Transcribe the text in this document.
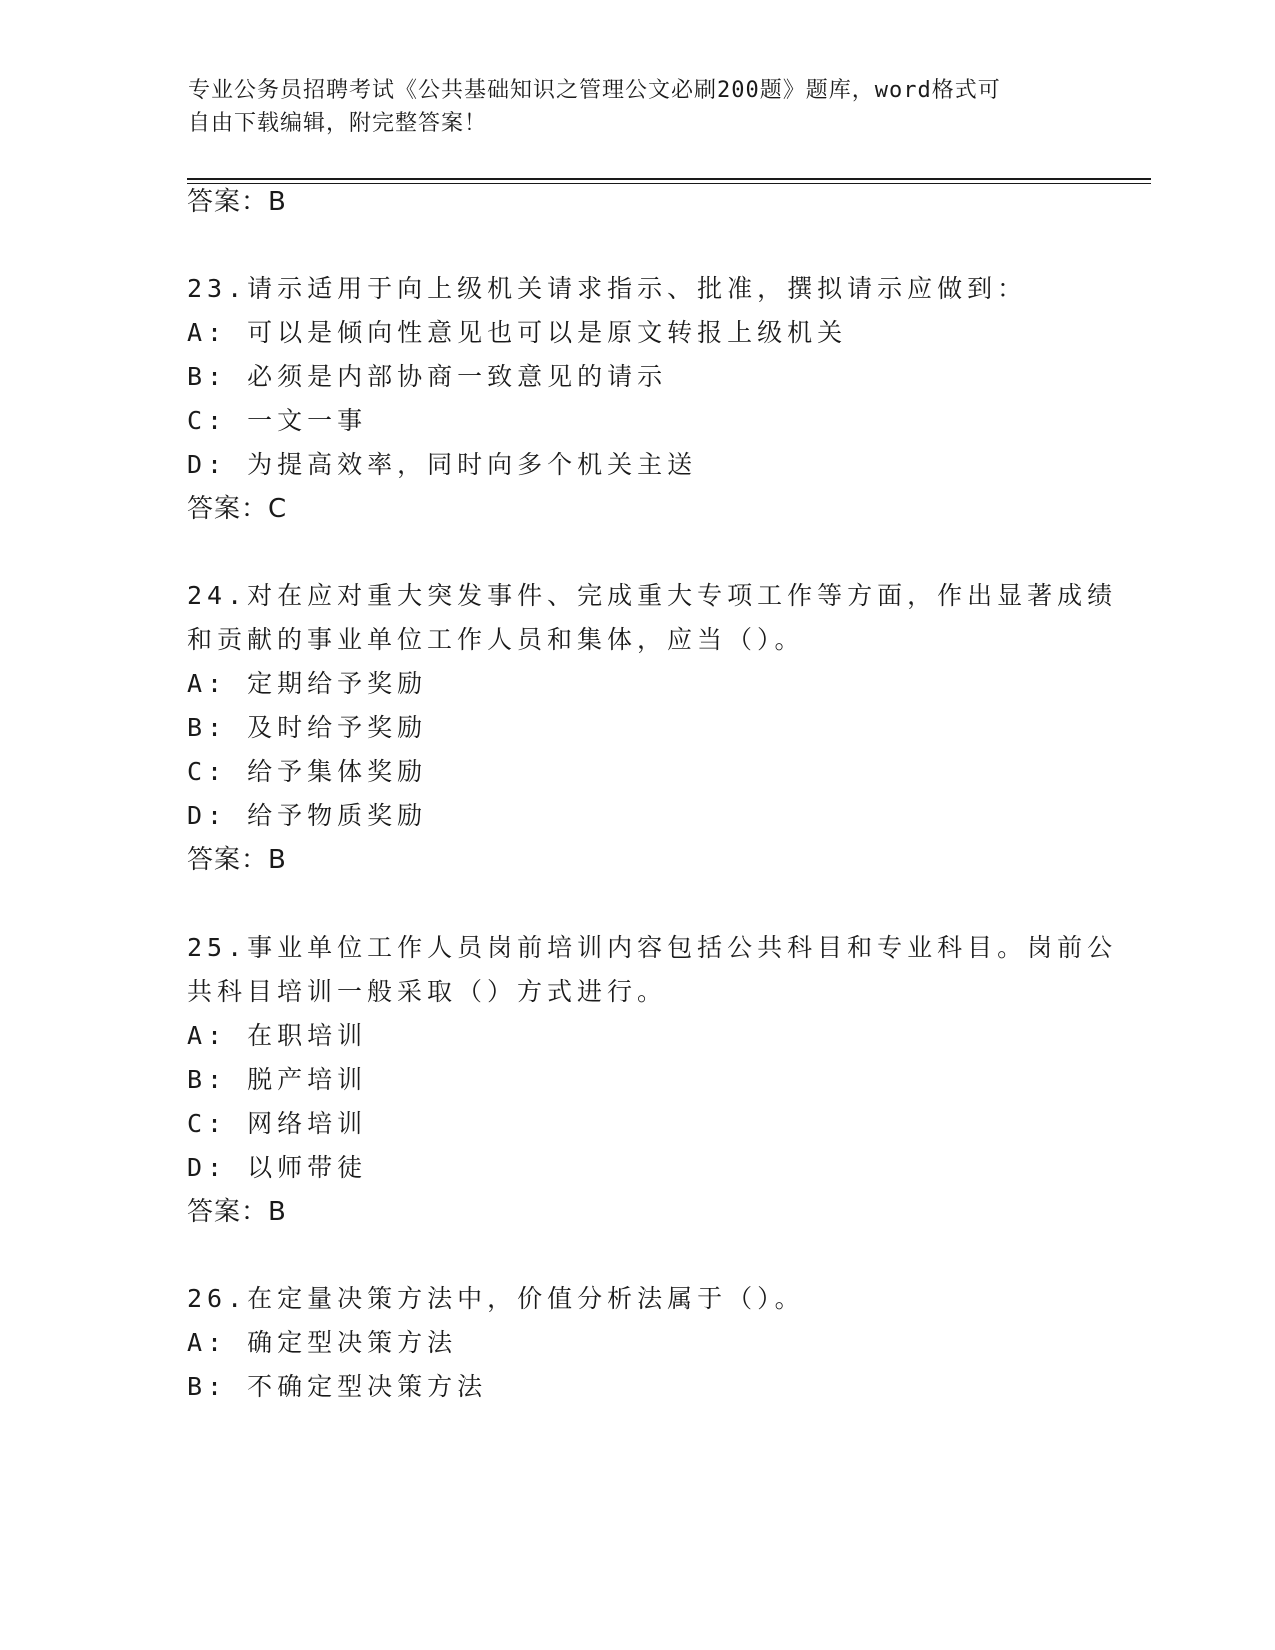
专业公务员招聘考试《公共基础知识之管理公文必刷200题》题库，word格式可
自由下载编辑，附完整答案！
答案：B
23.请示适用于向上级机关请求指示、批准，撰拟请示应做到：
A: 可以是倾向性意见也可以是原文转报上级机关
B: 必须是内部协商一致意见的请示
C: 一文一事
D: 为提高效率，同时向多个机关主送
答案：C
24.对在应对重大突发事件、完成重大专项工作等方面，作出显著成绩
和贡献的事业单位工作人员和集体，应当（）。
A: 定期给予奖励
B: 及时给予奖励
C: 给予集体奖励
D: 给予物质奖励
答案：B
25.事业单位工作人员岗前培训内容包括公共科目和专业科目。岗前公
共科目培训一般采取（）方式进行。
A: 在职培训
B: 脱产培训
C: 网络培训
D: 以师带徒
答案：B
26.在定量决策方法中，价值分析法属于（）。
A: 确定型决策方法
B: 不确定型决策方法
